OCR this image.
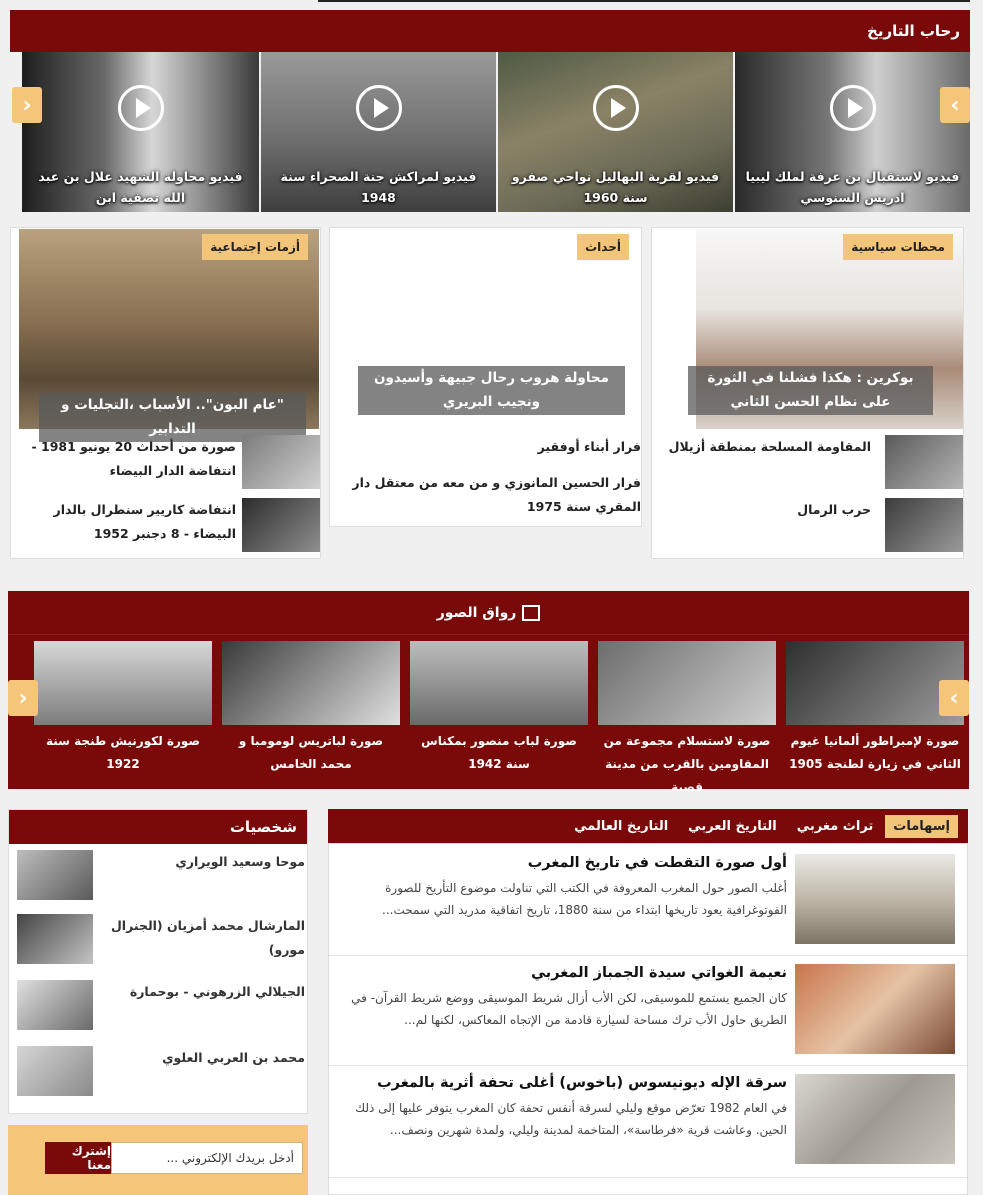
رحاب التاريخ
فيديو لاستقبال بن عرفة لملك ليبيا ادريس السنوسي
فيديو لقرية البهاليل نواحي صفرو سنة 1960
فيديو لمراكش جنة الصحراء سنة 1948
فيديو محاولة الشهيد علال بن عبد الله تصفية ابن
›
‹
محطات سياسية
بوكرين : هكذا فشلنا في الثورة على نظام الحسن الثاني
المقاومة المسلحة بمنطقة أزيلال
حرب الرمال
أحداث
محاولة هروب رحال جبيهة وأسيدون ونجيب البريري
فرار أبناء أوفقير
فرار الحسين المانوزي و من معه من معتقل دار المقري سنة 1975
أزمات إجتماعية
"عام البون".. الأسباب ،التجليات و التدابير
صورة من أحداث 20 يونيو 1981 - انتفاضة الدار البيضاء
انتفاضة كاريير سنطرال بالدار البيضاء - 8 دجنبر 1952
رواق الصور
صورة لإمبراطور ألمانيا غيوم الثاني في زيارة لطنجة 1905
صورة لاستسلام مجموعة من المقاومين بالقرب من مدينة قصبة
صورة لباب منصور بمكناس سنة 1942
صورة لباتريس لومومبا و محمد الخامس
صورة لكورنيش طنجة سنة 1922
›
‹
شخصيات
موحا وسعيد الويراري
المارشال محمد أمزيان (الجنرال مورو)
الجيلالي الزرهوني - بوحمارة
محمد بن العربي العلوي
أدخل بريدك الإلكتروني ...
إشترك معنا
إسهامات
تراث مغربي
التاريخ العربي
التاريخ العالمي
أول صورة التقطت في تاريخ المغرب
أغلب الصور حول المغرب المعروفة في الكتب التي تناولت موضوع التأريخ للصورة الفوتوغرافية يعود تاريخها ابتداء من سنة 1880، تاريخ اتفاقية مدريد التي سمحت...
نعيمة الغواتي سيدة الجمباز المغربي
كان الجميع يستمع للموسيقى، لكن الأب أزال شريط الموسيقى ووضع شريط القرآن- في الطريق حاول الأب ترك مساحة لسيارة قادمة من الإتجاه المعاكس، لكنها لم...
سرقة الإله ديونيسوس (باخوس) أغلى تحفة أثرية بالمغرب
في العام 1982 تعرّض موقع وليلي لسرقة أنفس تحفة كان المغرب يتوفر عليها إلى ذلك الحين. وعاشت قرية «فرطاسة»، المتاخمة لمدينة وليلي، ولمدة شهرين ونصف...
